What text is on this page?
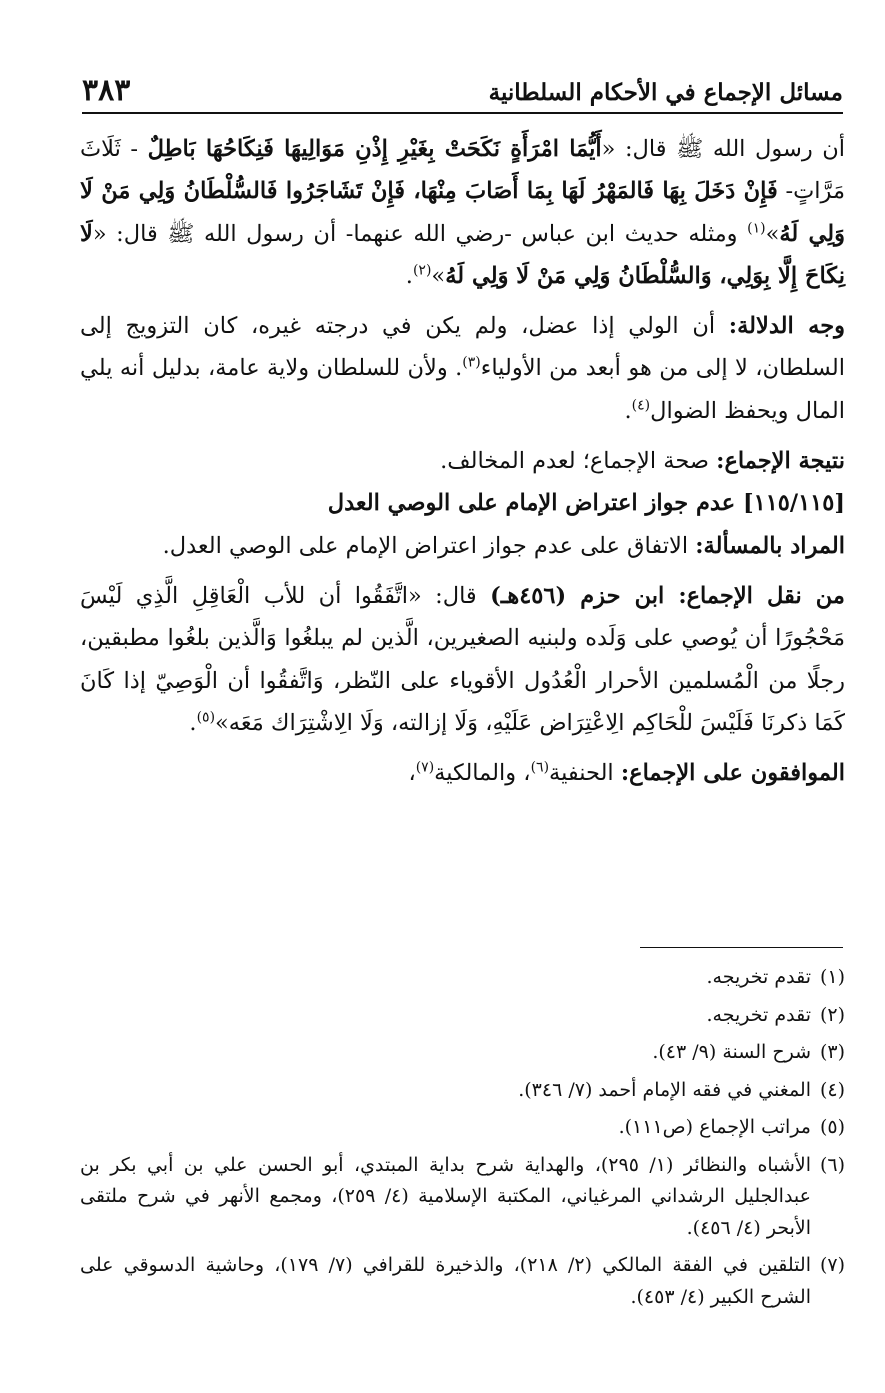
مسائل الإجماع في الأحكام السلطانية
٣٨٣

أن رسول الله ﷺ قال: «أَيُّمَا امْرَأَةٍ نَكَحَتْ بِغَيْرِ إِذْنِ مَوَالِيهَا فَنِكَاحُهَا بَاطِلٌ - ثَلَاثَ مَرَّاتٍ- فَإِنْ دَخَلَ بِهَا فَالمَهْرُ لَهَا بِمَا أَصَابَ مِنْهَا، فَإِنْ تَشَاجَرُوا فَالسُّلْطَانُ وَلِي مَنْ لَا وَلِي لَهُ»$^{(١)}$ ومثله حديث ابن عباس -رضي الله عنهما- أن رسول الله ﷺ قال: «لَا نِكَاحَ إِلَّا بِوَلِي، وَالسُّلْطَانُ وَلِي مَنْ لَا وَلِي لَهُ»$^{(٢)}$.

وجه الدلالة: أن الولي إذا عضل، ولم يكن في درجته غيره، كان التزويج إلى السلطان، لا إلى من هو أبعد من الأولياء$^{(٣)}$. ولأن للسلطان ولاية عامة، بدليل أنه يلي المال ويحفظ الضوال$^{(٤)}$.

نتيجة الإجماع: صحة الإجماع؛ لعدم المخالف.

[١١٥/١١٥] عدم جواز اعتراض الإمام على الوصي العدل

المراد بالمسألة: الاتفاق على عدم جواز اعتراض الإمام على الوصي العدل.

من نقل الإجماع: ابن حزم (٤٥٦هـ) قال: «اتَّفَقُوا أن للأب الْعَاقِلِ الَّذِي لَيْسَ مَحْجُورًا أن يُوصي على وَلَده ولبنيه الصغيرين، الَّذين لم يبلغُوا وَالَّذين بلغُوا مطبقين، رجلًا من الْمُسلمين الأحرار الْعُدُول الأقوياء على النّظر، وَاتَّفقُوا أن الْوَصِيّ إذا كَانَ كَمَا ذكرنَا فَلَيْسَ للْحَاكِم الِاعْتِرَاض عَلَيْهِ، وَلَا إزالته، وَلَا الِاشْتِرَاك مَعَه»$^{(٥)}$.

الموافقون على الإجماع: الحنفية$^{(٦)}$، والمالكية$^{(٧)}$،

(١)
تقدم تخريجه.

(٢)
تقدم تخريجه.

(٣)
شرح السنة (٩/ ٤٣).

(٤)
المغني في فقه الإمام أحمد (٧/ ٣٤٦).

(٥)
مراتب الإجماع (ص١١١).

(٦)
الأشباه والنظائر (١/ ٢٩٥)، والهداية شرح بداية المبتدي، أبو الحسن علي بن أبي بكر بن عبدالجليل الرشداني المرغياني، المكتبة الإسلامية (٤/ ٢٥٩)، ومجمع الأنهر في شرح ملتقى الأبحر (٤/ ٤٥٦).

(٧)
التلقين في الفقة المالكي (٢/ ٢١٨)، والذخيرة للقرافي (٧/ ١٧٩)، وحاشية الدسوقي على الشرح الكبير (٤/ ٤٥٣).
